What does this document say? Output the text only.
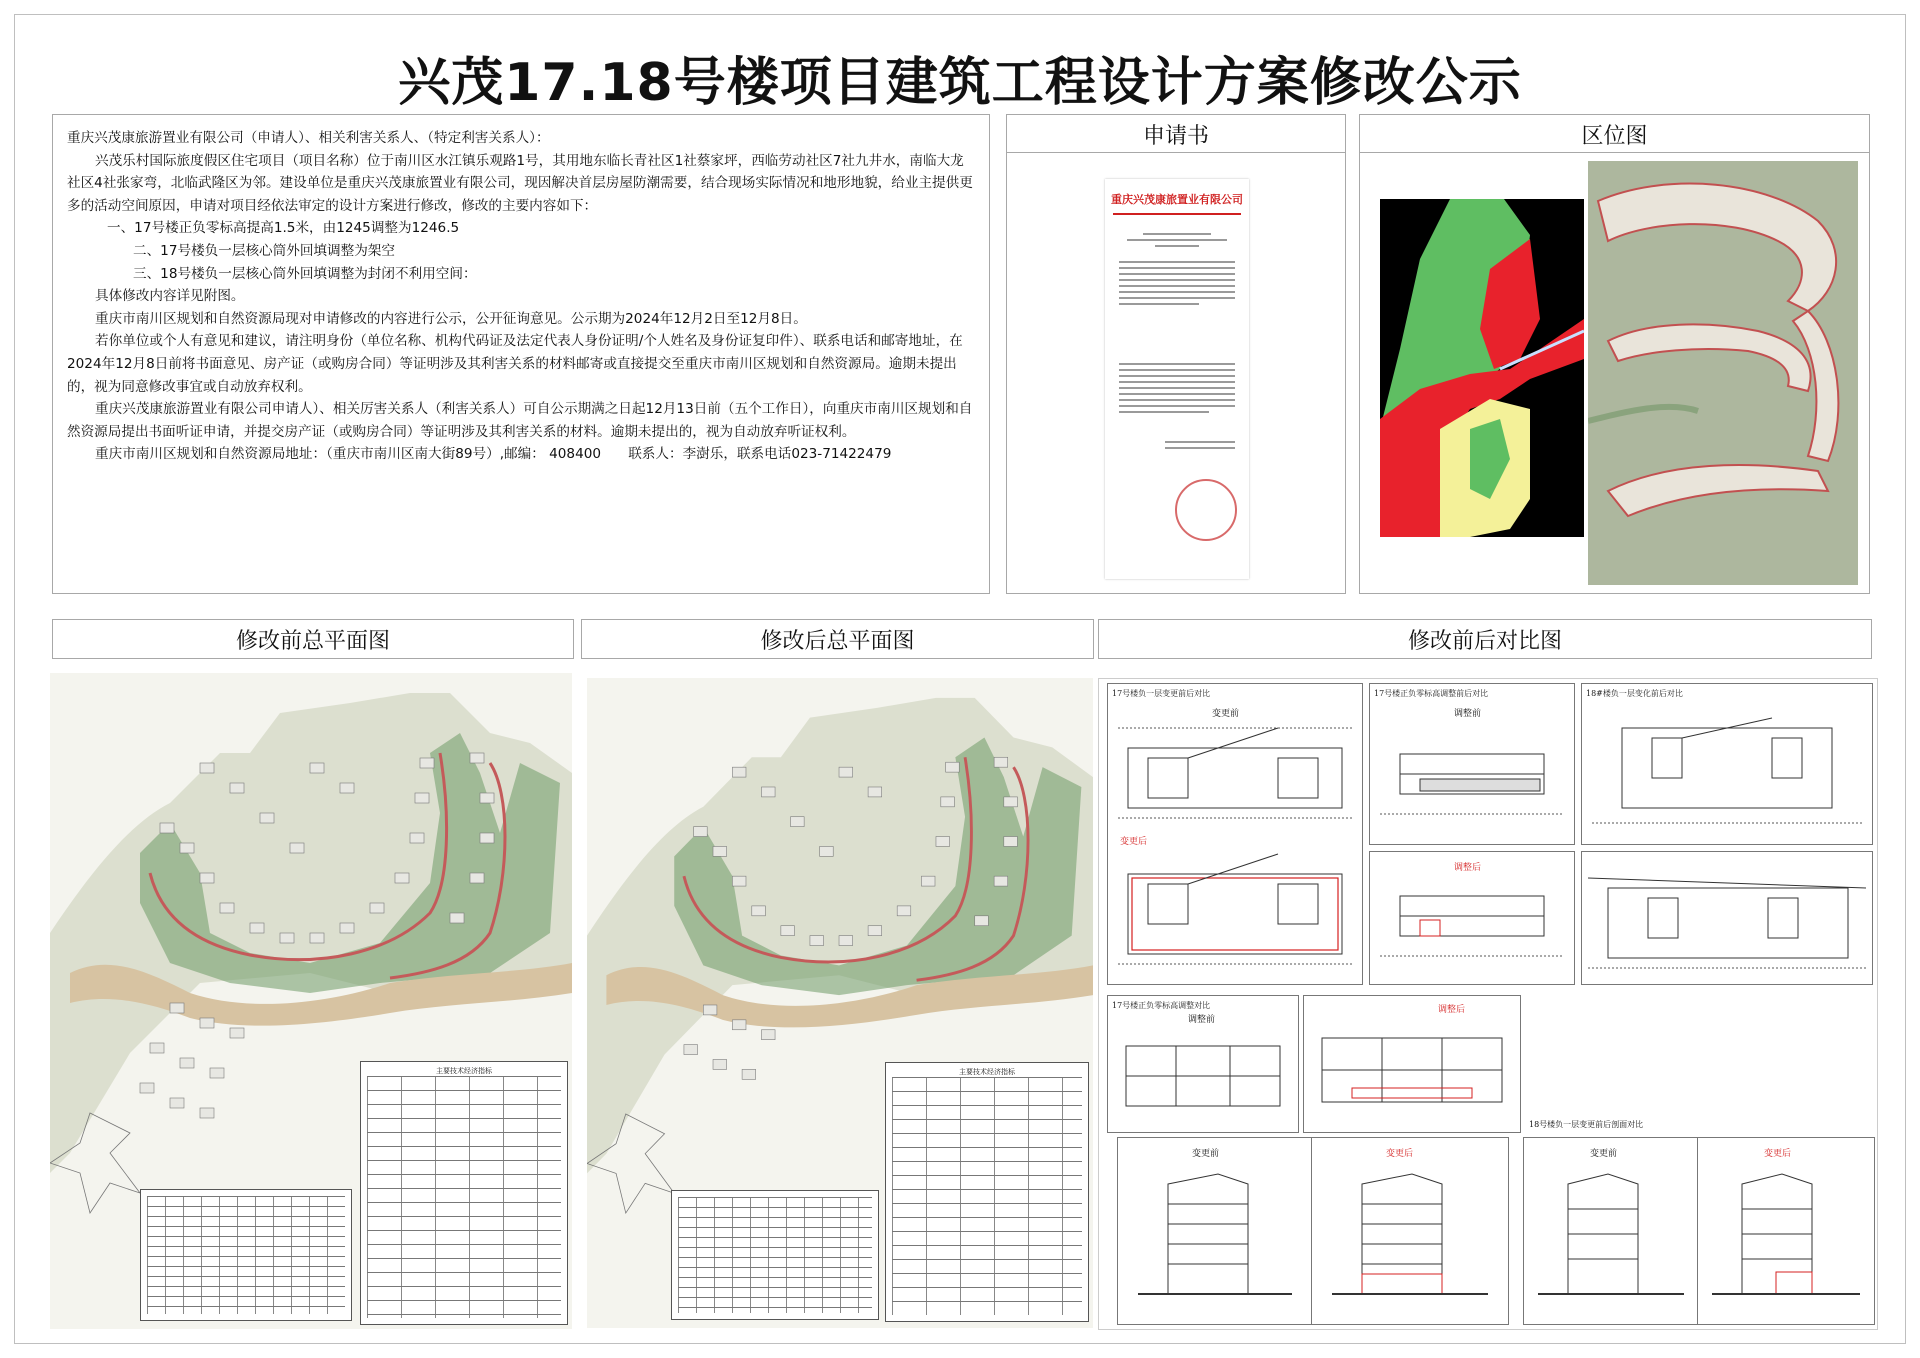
兴茂17.18号楼项目建筑工程设计方案修改公示

重庆兴茂康旅游置业有限公司（申请人）、相关利害关系人、（特定利害关系人）：

兴茂乐村国际旅度假区住宅项目（项目名称）位于南川区水江镇乐观路1号，其用地东临长青社区1社蔡家坪，西临劳动社区7社九井水，南临大龙社区4社张家弯，北临武隆区为邻。建设单位是重庆兴茂康旅置业有限公司，现因解决首层房屋防潮需要，结合现场实际情况和地形地貌，给业主提供更多的活动空间原因，申请对项目经依法审定的设计方案进行修改，修改的主要内容如下：

一、17号楼正负零标高提高1.5米，由1245调整为1246.5

二、17号楼负一层核心筒外回填调整为架空

三、18号楼负一层核心筒外回填调整为封闭不利用空间：

具体修改内容详见附图。

重庆市南川区规划和自然资源局现对申请修改的内容进行公示，公开征询意见。公示期为2024年12月2日至12月8日。

若你单位或个人有意见和建议，请注明身份（单位名称、机构代码证及法定代表人身份证明/个人姓名及身份证复印件）、联系电话和邮寄地址，在2024年12月8日前将书面意见、房产证（或购房合同）等证明涉及其利害关系的材料邮寄或直接提交至重庆市南川区规划和自然资源局。逾期未提出的，视为同意修改事宜或自动放弃权利。

重庆兴茂康旅游置业有限公司申请人）、相关厉害关系人（利害关系人）可自公示期满之日起12月13日前（五个工作日），向重庆市南川区规划和自然资源局提出书面听证申请，并提交房产证（或购房合同）等证明涉及其利害关系的材料。逾期未提出的，视为自动放弃听证权利。

重庆市南川区规划和自然资源局地址：（重庆市南川区南大街89号）,邮编： 408400　　联系人：李澍乐，联系电话023-71422479

申请书
重庆兴茂康旅置业有限公司
区位图
修改前总平面图
主要技术经济指标
修改后总平面图
主要技术经济指标
修改前后对比图
17号楼负一层变更前后对比
变更前
变更后
17号楼正负零标高调整前后对比
调整前
调整后
18#楼负一层变化前后对比
17号楼正负零标高调整对比
调整前
调整后
18号楼负一层变更前后剖面对比
变更前	变更后	变更前	变更后
